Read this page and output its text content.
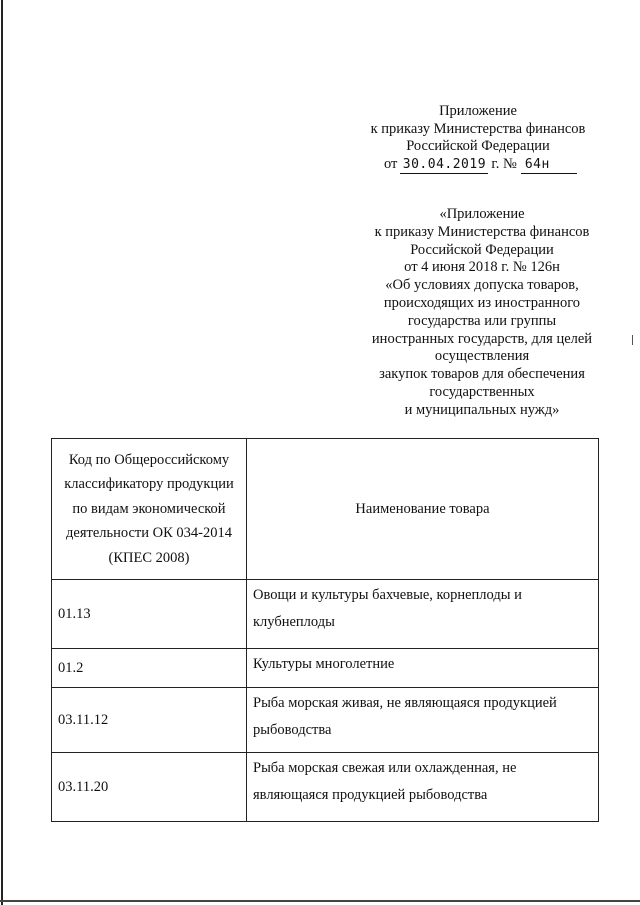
Приложение
к приказу Министерства финансов
Российской Федерации
от 30.04.2019 г. № 64н
«Приложение
к приказу Министерства финансов
Российской Федерации
от 4 июня 2018 г. № 126н
«Об условиях допуска товаров,
происходящих из иностранного
государства или группы
иностранных государств, для целей
осуществления
закупок товаров для обеспечения
государственных
и муниципальных нужд»
Код по Общероссийскому
классификатору продукции
по видам экономической
деятельности ОК 034-2014
(КПЕС 2008)	Наименование товара
01.13	Овощи и культуры бахчевые, корнеплоды и
клубнеплоды

01.2	Культуры многолетние

03.11.12	Рыба морская живая, не являющаяся продукцией
рыбоводства

03.11.20	Рыба морская свежая или охлажденная, не
являющаяся продукцией рыбоводства
